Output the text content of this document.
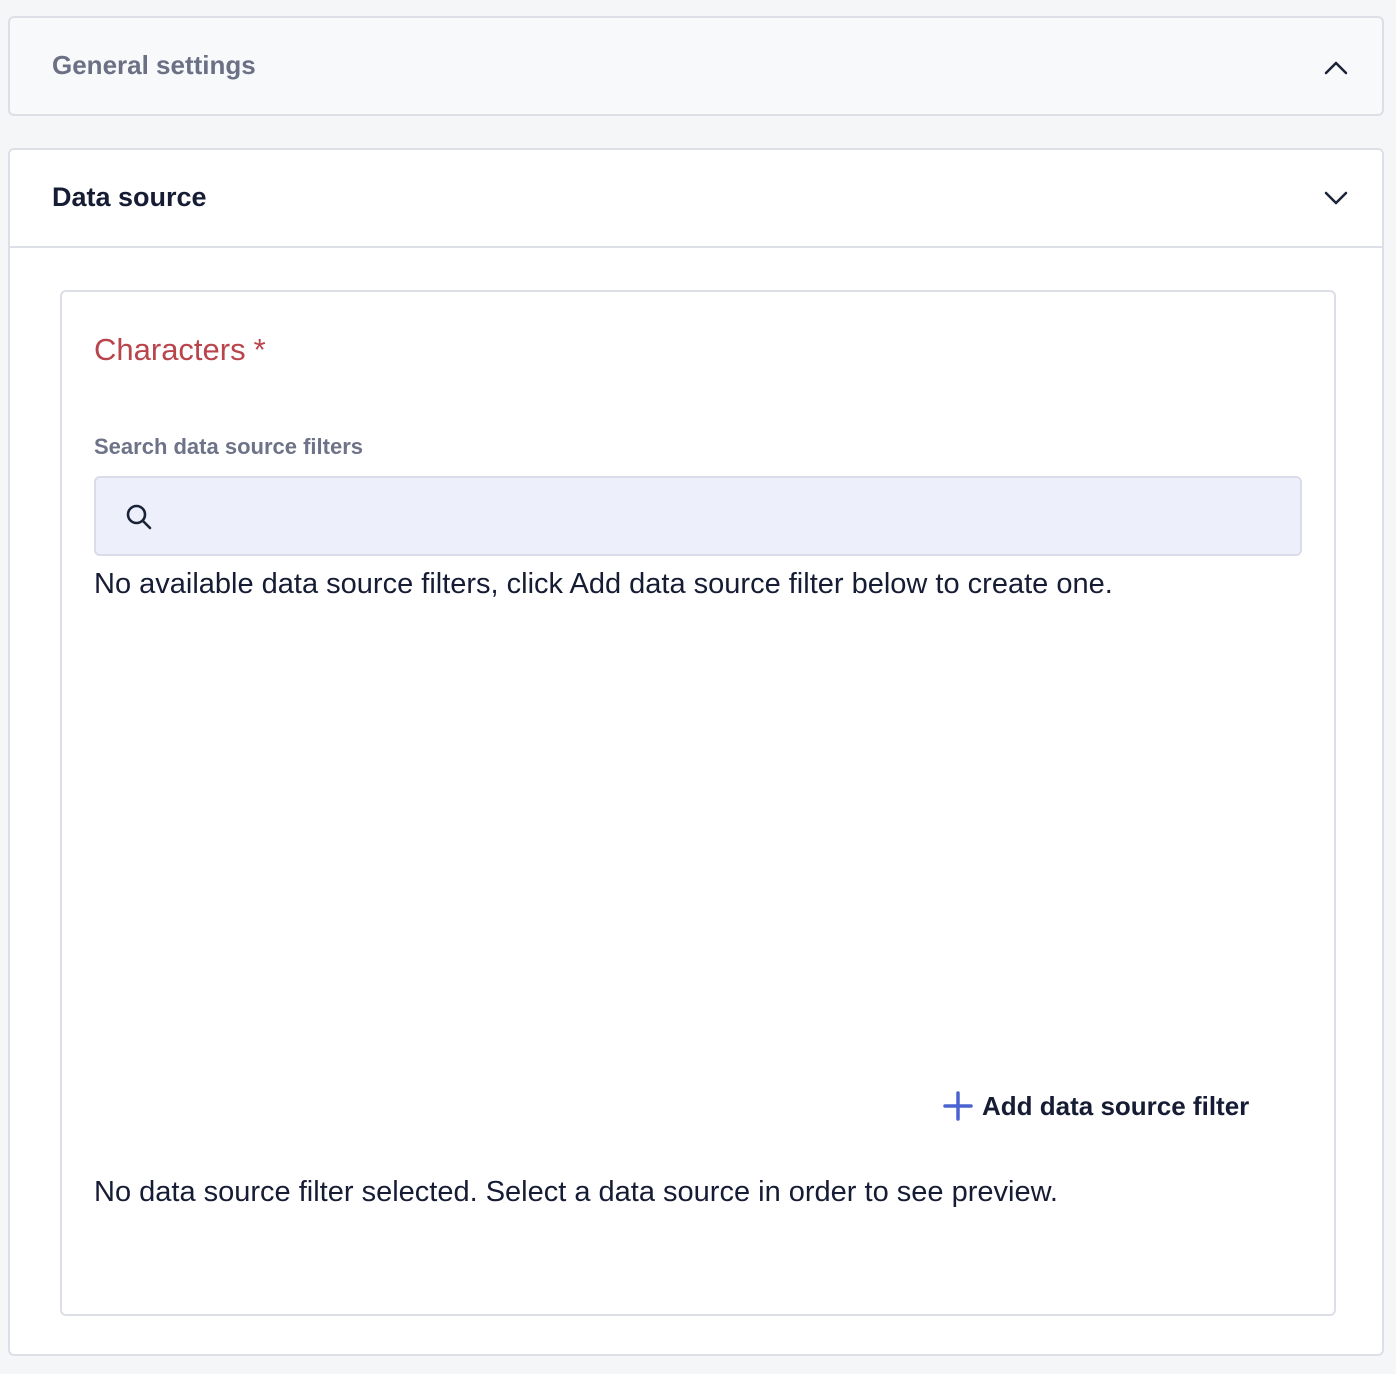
General settings
Data source
Characters *
Search data source filters
No available data source filters, click Add data source filter below to create one.
Add data source filter
No data source filter selected. Select a data source in order to see preview.
